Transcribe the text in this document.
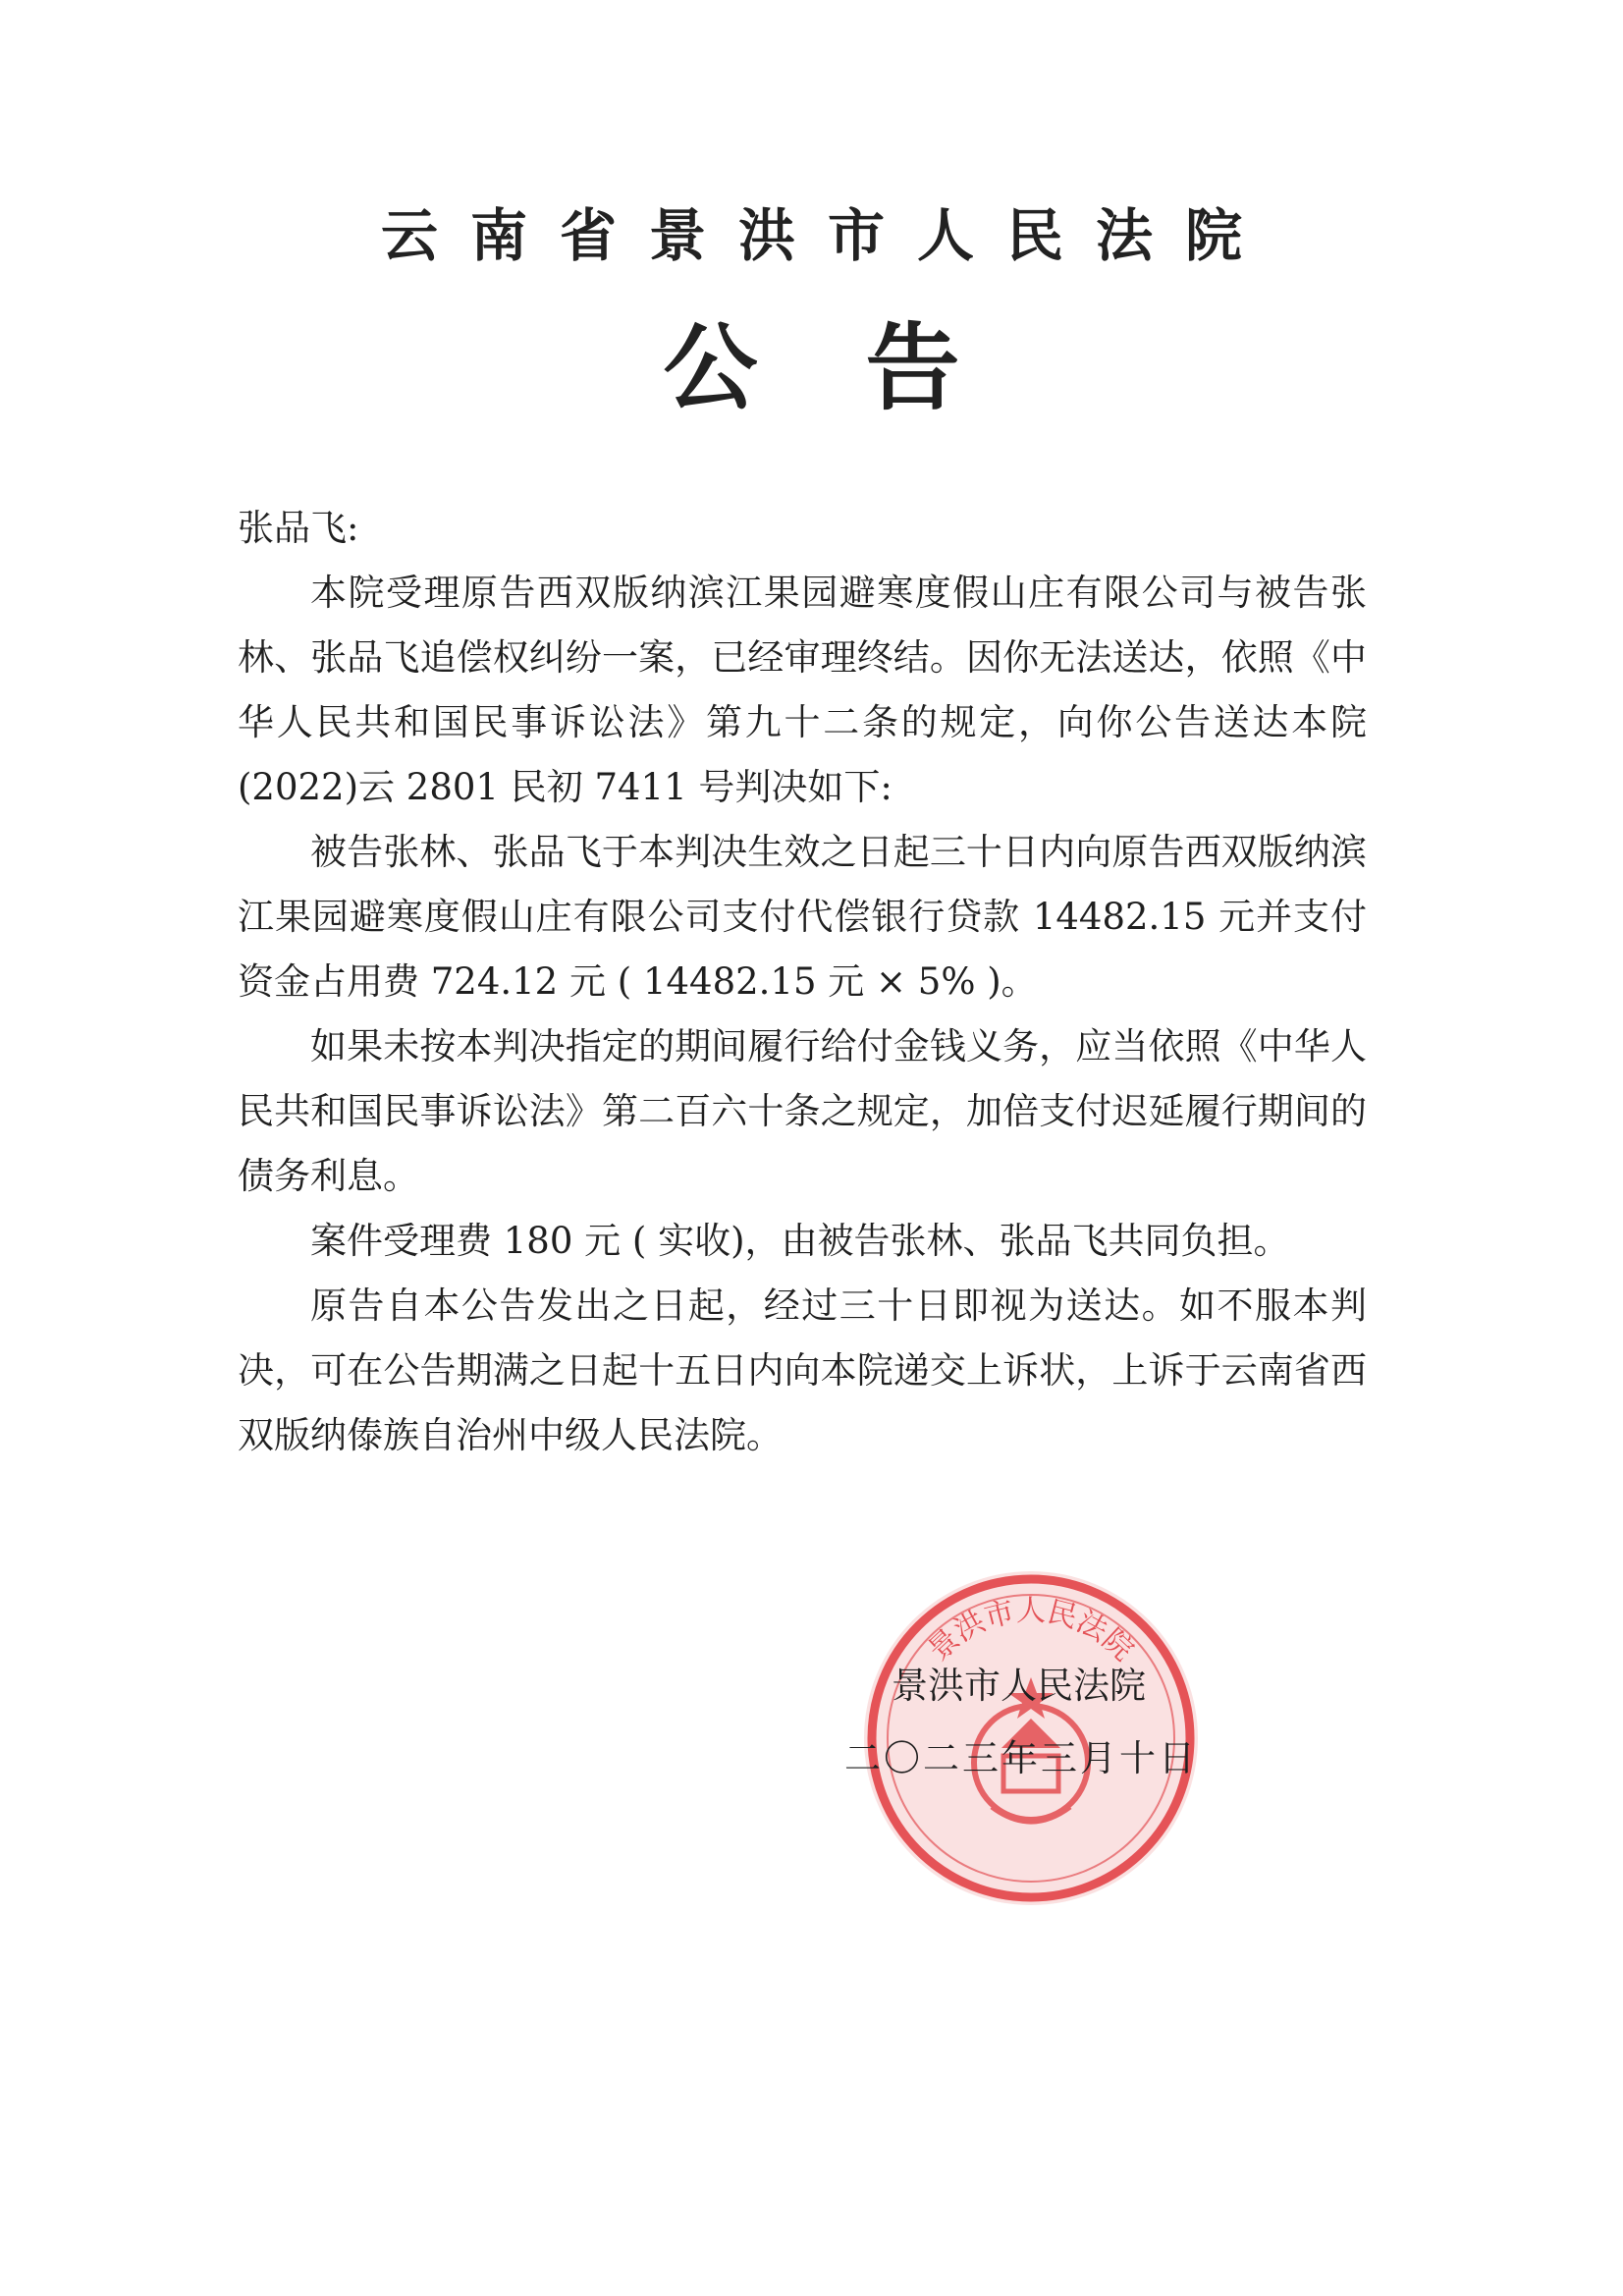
云南省景洪市人民法院
公告

张品飞:

本院受理原告西双版纳滨江果园避寒度假山庄有限公司与被告张林、张品飞追偿权纠纷一案，已经审理终结。因你无法送达，依照《中华人民共和国民事诉讼法》第九十二条的规定，向你公告送达本院(2022)云 2801 民初 7411 号判决如下:

被告张林、张品飞于本判决生效之日起三十日内向原告西双版纳滨江果园避寒度假山庄有限公司支付代偿银行贷款 14482.15 元并支付资金占用费 724.12 元 ( 14482.15 元 × 5% )。

如果未按本判决指定的期间履行给付金钱义务，应当依照《中华人民共和国民事诉讼法》第二百六十条之规定，加倍支付迟延履行期间的债务利息。

案件受理费 180 元 ( 实收)，由被告张林、张品飞共同负担。

原告自本公告发出之日起，经过三十日即视为送达。如不服本判决，可在公告期满之日起十五日内向本院递交上诉状，上诉于云南省西双版纳傣族自治州中级人民法院。

景洪市人民法院
景洪市人民法院
二〇二三年三月十日
